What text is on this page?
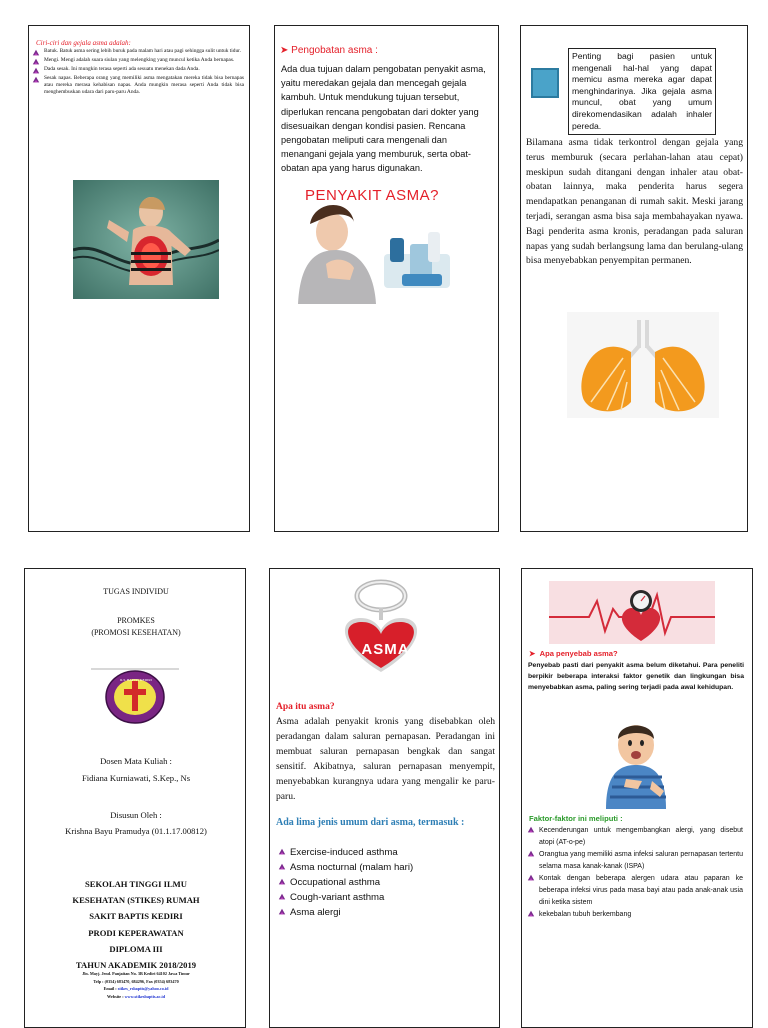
Ciri-ciri dan gejala asma adalah:
Batuk. Batuk asma sering lebih buruk pada malam hari atau pagi sehingga sulit untuk tidur.
Mengi. Mengi adalah suara siulan yang melengking yang muncul ketika Anda bernapas.
Dada sesak. Ini mungkin terasa seperti ada sesuatu menekan dada Anda.
Sesak napas. Beberapa orang yang memiliki asma mengatakan mereka tidak bisa bernapas atau mereka merasa kehabisan napas. Anda mungkin merasa seperti Anda tidak bisa menghembuskan udara dari paru-paru Anda.
➤ Pengobatan asma :
Ada dua tujuan dalam pengobatan penyakit asma, yaitu meredakan gejala dan mencegah gejala kambuh. Untuk mendukung tujuan tersebut, diperlukan rencana pengobatan dari dokter yang disesuaikan dengan kondisi pasien. Rencana pengobatan meliputi cara mengenali dan menangani gejala yang memburuk, serta obat-obatan apa yang harus digunakan.
PENYAKIT ASMA?
Bilamana asma tidak terkontrol dengan gejala yang terus memburuk (secara perlahan-lahan atau cepat) meskipun sudah ditangani dengan inhaler atau obat-obatan lainnya, maka penderita harus segera mendapatkan penanganan di rumah sakit. Meski jarang terjadi, serangan asma bisa saja membahayakan nyawa. Bagi penderita asma kronis, peradangan pada saluran napas yang sudah berlangsung lama dan berulang-ulang bisa menyebabkan penyempitan permanen.
Penting bagi pasien untuk mengenali hal-hal yang dapat memicu asma mereka agar dapat menghindarinya. Jika gejala asma muncul, obat yang umum direkomendasikan adalah inhaler pereda.
TUGAS INDIVIDU
PROMKES
(PROMOSI KESEHATAN)
R.S. BAPTIS KEDIRI
Dosen Mata Kuliah :
Fidiana Kurniawati, S.Kep., Ns
Disusun Oleh :
Krishna Bayu Pramudya (01.1.17.00812)
SEKOLAH TINGGI ILMU
KESEHATAN (STIKES) RUMAH
SAKIT BAPTIS KEDIRI
PRODI KEPERAWATAN
DIPLOMA III
TAHUN AKADEMIK 2018/2019
Jln. Mayj. Jend. Panjaitan No. 3B Kediri 64102 Jawa Timur
Telp : (0354) 683470, 684296, Fax (0354) 683470
Email : stikes_rsbaptis@yahoo.co.id
Website : www.stikesbaptis.ac.id
ASMA
Apa itu asma?
Asma adalah penyakit kronis yang disebabkan oleh peradangan dalam saluran pernapasan. Peradangan ini membuat saluran pernapasan bengkak dan sangat sensitif. Akibatnya, saluran pernapasan menyempit, menyebabkan kurangnya udara yang mengalir ke paru-paru.
Ada lima jenis umum dari asma, termasuk :
Exercise-induced asthma
Asma nocturnal (malam hari)
Occupational asthma
Cough-variant asthma
Asma alergi
➤  Apa penyebab asma?
Penyebab pasti dari penyakit asma belum diketahui. Para peneliti berpikir beberapa interaksi faktor genetik dan lingkungan bisa menyebabkan asma, paling sering terjadi pada awal kehidupan.
Faktor-faktor ini meliputi :
Kecenderungan untuk mengembangkan alergi, yang disebut atopi (AT-o-pe)
Orangtua yang memiliki asma infeksi saluran pernapasan tertentu selama masa kanak-kanak (ISPA)
Kontak dengan beberapa alergen udara atau paparan ke beberapa infeksi virus pada masa bayi atau pada anak-anak usia dini ketika sistem
kekebalan tubuh berkembang
